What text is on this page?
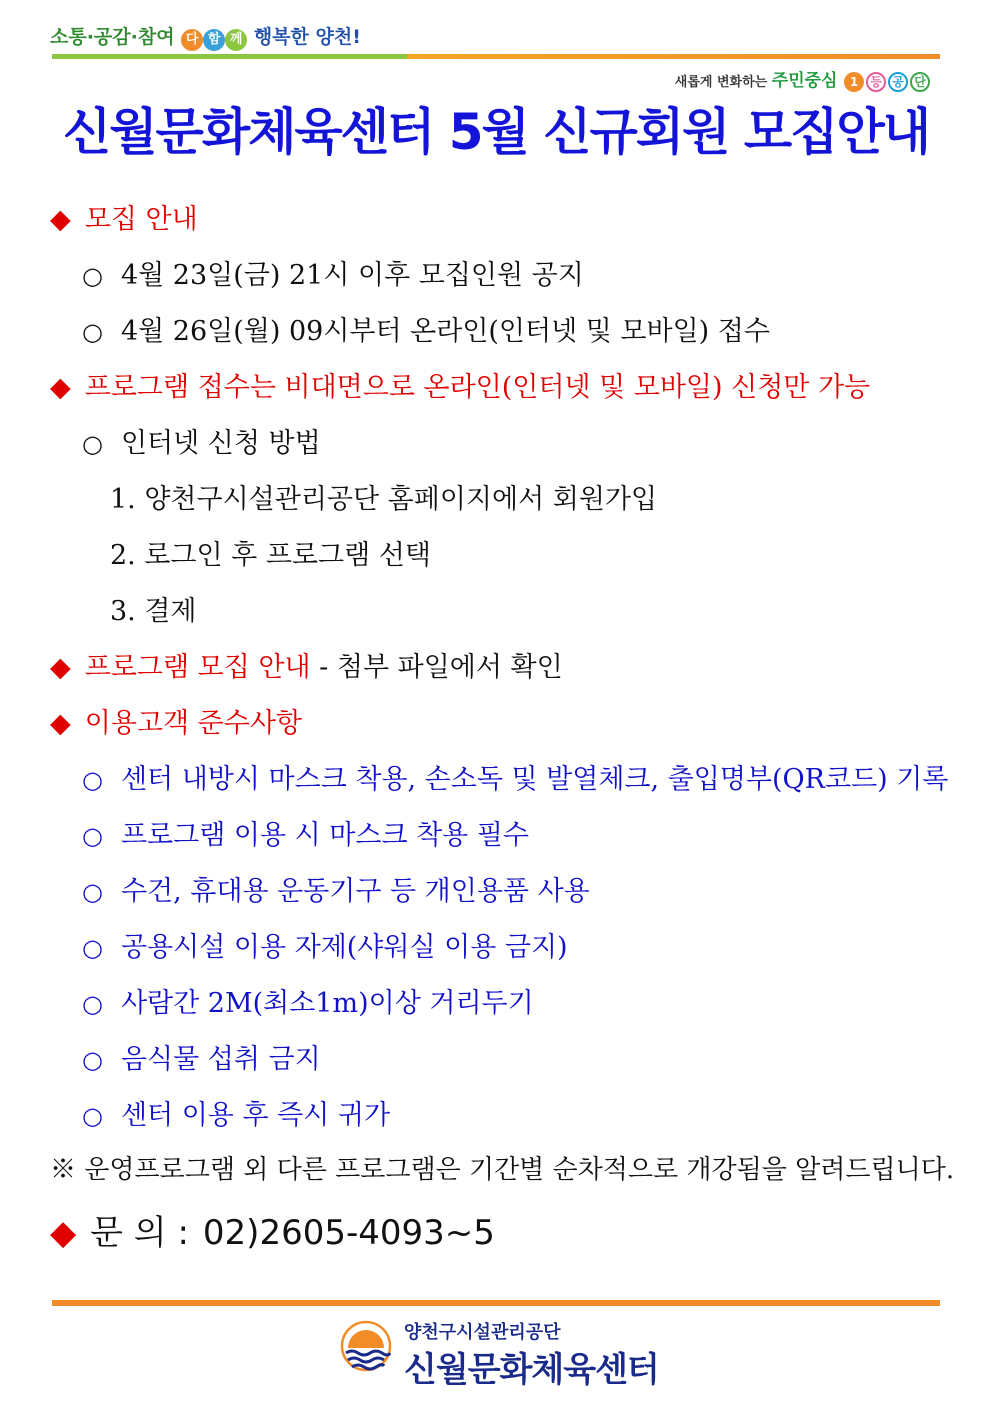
소통·공감·참여 다 함 께 행복한 양천!
새롭게 변화하는 주민중심 1 등 공 단
신월문화체육센터 5월 신규회원 모집안내
◆ 모집 안내
○ 4월 23일(금) 21시 이후 모집인원 공지
○ 4월 26일(월) 09시부터 온라인(인터넷 및 모바일) 접수
◆ 프로그램 접수는 비대면으로 온라인(인터넷 및 모바일) 신청만 가능
○ 인터넷 신청 방법
1. 양천구시설관리공단 홈페이지에서 회원가입
2. 로그인 후 프로그램 선택
3. 결제
◆ 프로그램 모집 안내 - 첨부 파일에서 확인
◆ 이용고객 준수사항
○ 센터 내방시 마스크 착용, 손소독 및 발열체크, 출입명부(QR코드) 기록
○ 프로그램 이용 시 마스크 착용 필수
○ 수건, 휴대용 운동기구 등 개인용품 사용
○ 공용시설 이용 자제(샤워실 이용 금지)
○ 사람간 2M(최소1m)이상 거리두기
○ 음식물 섭취 금지
○ 센터 이용 후 즉시 귀가
※ 운영프로그램 외 다른 프로그램은 기간별 순차적으로 개강됨을 알려드립니다.
◆ 문 의 : 02)2605-4093~5
양천구시설관리공단
신월문화체육센터
